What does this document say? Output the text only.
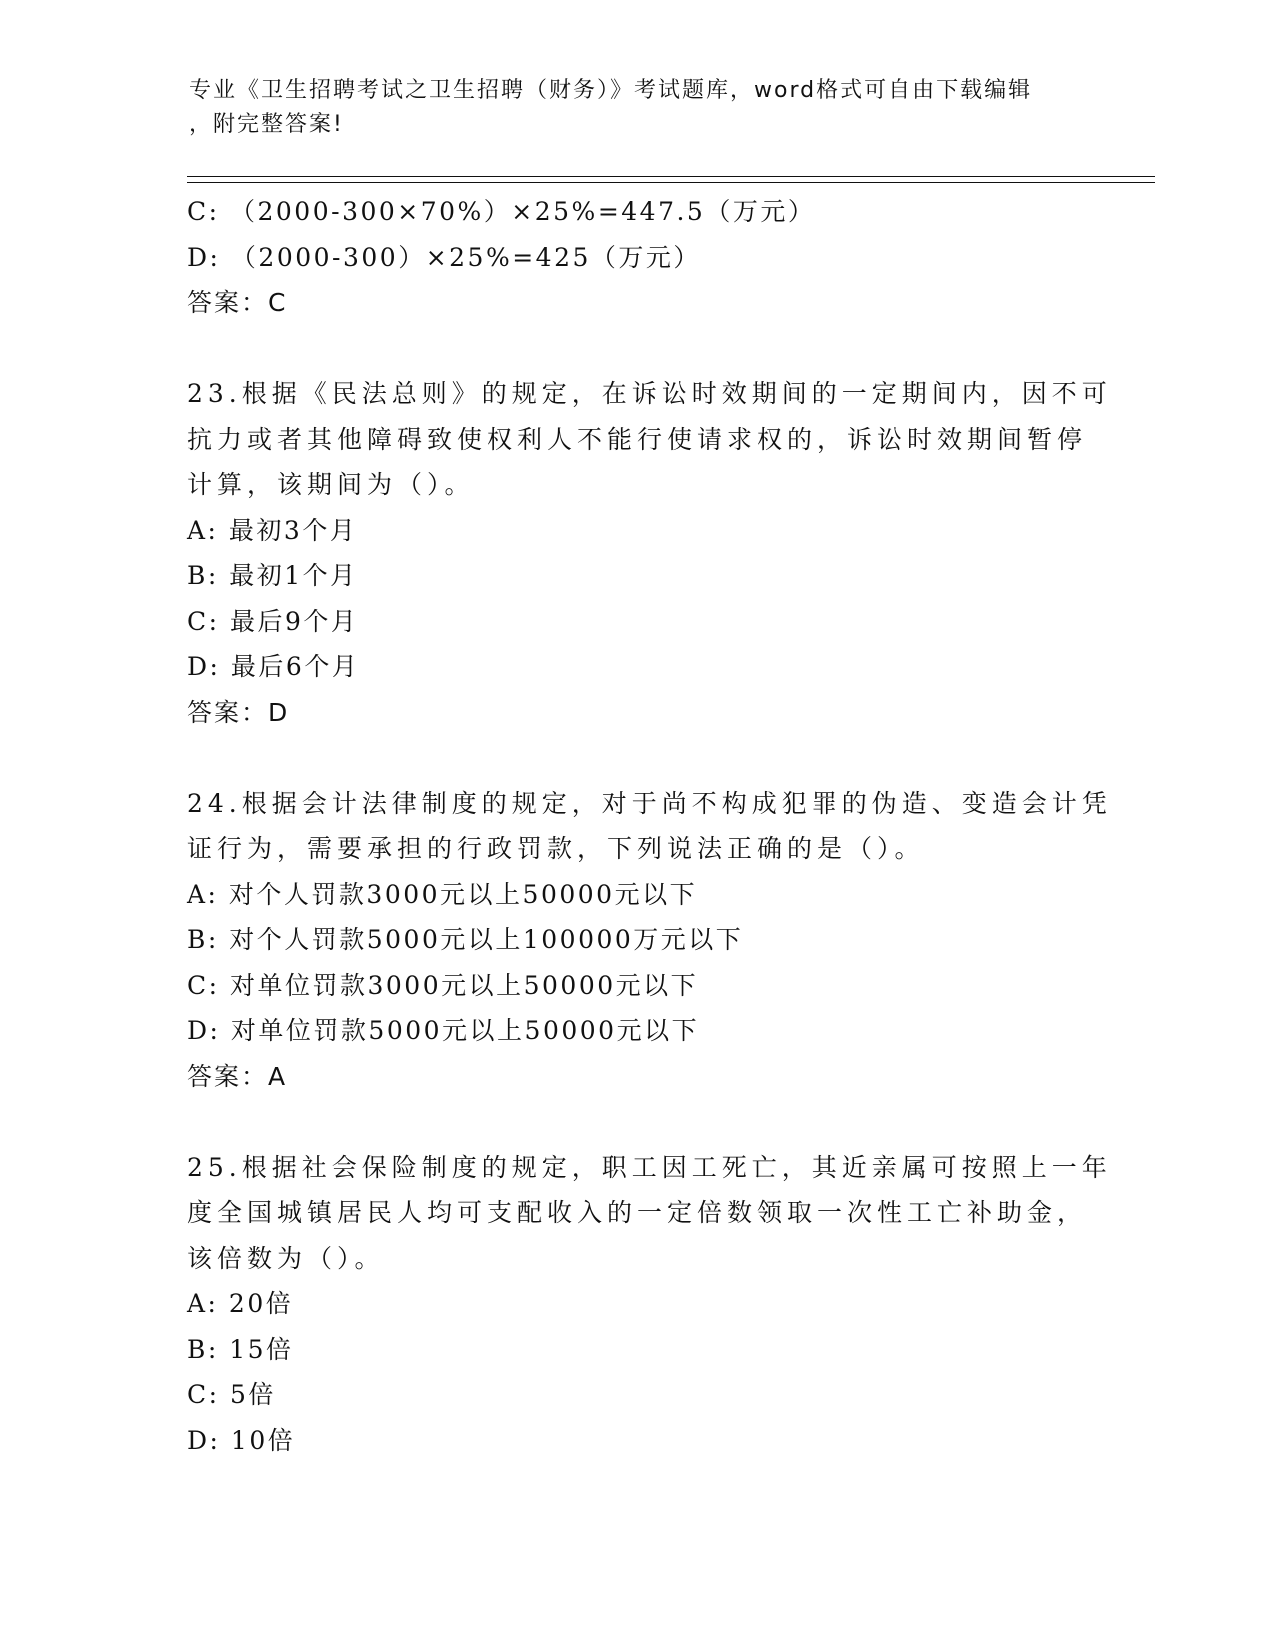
专业《卫生招聘考试之卫生招聘（财务）》考试题库，word格式可自由下载编辑
，附完整答案!
C: （2000-300×70%）×25%=447.5（万元）
D: （2000-300）×25%=425（万元）
答案：C
23.根据《民法总则》的规定，在诉讼时效期间的一定期间内，因不可
抗力或者其他障碍致使权利人不能行使请求权的，诉讼时效期间暂停
计算，该期间为（）。
A: 最初3个月
B: 最初1个月
C: 最后9个月
D: 最后6个月
答案：D
24.根据会计法律制度的规定，对于尚不构成犯罪的伪造、变造会计凭
证行为，需要承担的行政罚款，下列说法正确的是（）。
A: 对个人罚款3000元以上50000元以下
B: 对个人罚款5000元以上100000万元以下
C: 对单位罚款3000元以上50000元以下
D: 对单位罚款5000元以上50000元以下
答案：A
25.根据社会保险制度的规定，职工因工死亡，其近亲属可按照上一年
度全国城镇居民人均可支配收入的一定倍数领取一次性工亡补助金，
该倍数为（）。
A: 20倍
B: 15倍
C: 5倍
D: 10倍
